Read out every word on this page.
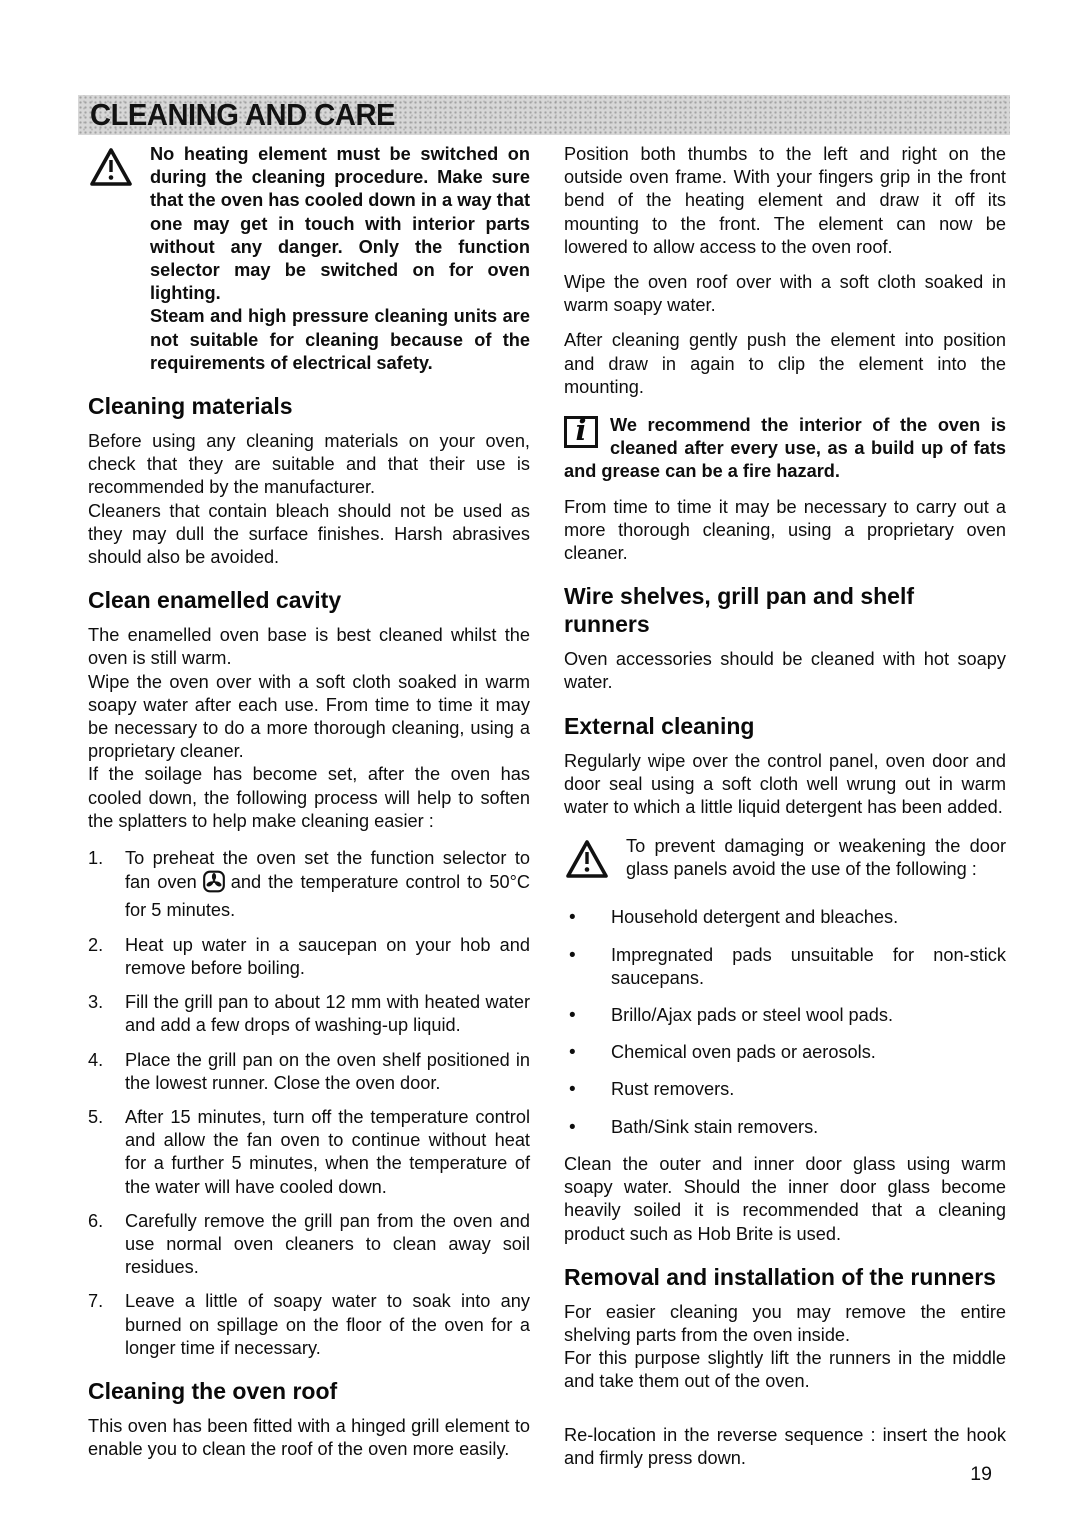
CLEANING AND CARE

No heating element must be switched on during the cleaning procedure. Make sure that the oven has cooled down in a way that one may get in touch with interior parts without any danger. Only the function selector may be switched on for oven lighting.

Steam and high pressure cleaning units are not suitable for cleaning because of the requirements of electrical safety.

Cleaning materials

Before using any cleaning materials on your oven, check that they are suitable and that their use is recommended by the manufacturer.

Cleaners that contain bleach should not be used as they may dull the surface finishes. Harsh abrasives should also be avoided.

Clean enamelled cavity

The enamelled oven base is best cleaned whilst the oven is still warm.

Wipe the oven over with a soft cloth soaked in warm soapy water after each use. From time to time it may be necessary to do a more thorough cleaning, using a proprietary cleaner.

If the soilage has become set, after the oven has cooled down, the following process will help to soften the splatters to help make cleaning easier :

1.	To preheat the oven set the function selector to fan oven and the temperature control to 50°C for 5 minutes.
2.	Heat up water in a saucepan on your hob and remove before boiling.
3.	Fill the grill pan to about 12 mm with heated water and add a few drops of washing-up liquid.
4.	Place the grill pan on the oven shelf positioned in the lowest runner. Close the oven door.
5.	After 15 minutes, turn off the temperature control and allow the fan oven to continue without heat for a further 5 minutes, when the temperature of the water will have cooled down.
6.	Carefully remove the grill pan from the oven and use normal oven cleaners to clean away soil residues.
7.	Leave a little of soapy water to soak into any burned on spillage on the floor of the oven for a longer time if necessary.
Cleaning the oven roof

This oven has been fitted with a hinged grill element to enable you to clean the roof of the oven more easily.

Position both thumbs to the left and right on the outside oven frame. With your fingers grip in the front bend of the heating element and draw it off its mounting to the front. The element can now be lowered to allow access to the oven roof.

Wipe the oven roof over with a soft cloth soaked in warm soapy water.

After cleaning gently push the element into position and draw in again to clip the element into the mounting.

i	We recommend the interior of the oven is cleaned after every use, as a build up of fats and grease can be a fire hazard.

From time to time it may be necessary to carry out a more thorough cleaning, using a proprietary oven cleaner.

Wire shelves, grill pan and shelf runners

Oven accessories should be cleaned with hot soapy water.

External cleaning

Regularly wipe over the control panel, oven door and door seal using a soft cloth well wrung out in warm water to which a little liquid detergent has been added.

To prevent damaging or weakening the door glass panels avoid the use of the following :
•	Household detergent and bleaches.
•	Impregnated pads unsuitable for non-stick saucepans.
•	Brillo/Ajax pads or steel wool pads.
•	Chemical oven pads or aerosols.
•	Rust removers.
•	Bath/Sink stain removers.

Clean the outer and inner door glass using warm soapy water. Should the inner door glass become heavily soiled it is recommended that a cleaning product such as Hob Brite is used.

Removal and installation of the runners

For easier cleaning you may remove the entire shelving parts from the oven inside.

For this purpose slightly lift the runners in the middle and take them out of the oven.

Re-location in the reverse sequence : insert the hook and firmly press down.

19
